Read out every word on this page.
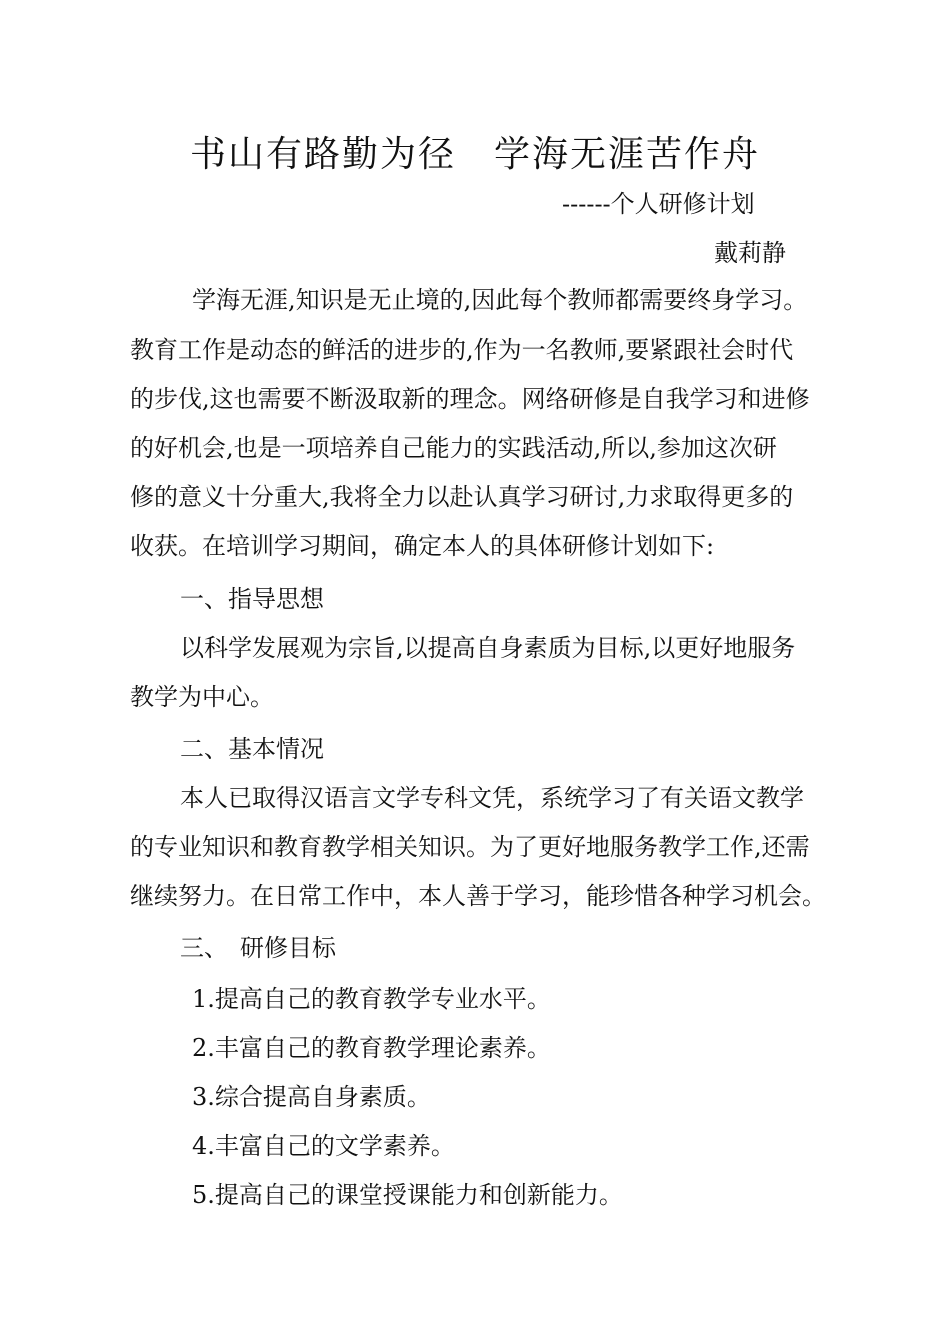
书山有路勤为径　学海无涯苦作舟
------个人研修计划
戴莉静
学海无涯,知识是无止境的,因此每个教师都需要终身学习。
教育工作是动态的鲜活的进步的,作为一名教师,要紧跟社会时代
的步伐,这也需要不断汲取新的理念。网络研修是自我学习和进修
的好机会,也是一项培养自己能力的实践活动,所以,参加这次研
修的意义十分重大,我将全力以赴认真学习研讨,力求取得更多的
收获。在培训学习期间，确定本人的具体研修计划如下:
一、指导思想
以科学发展观为宗旨,以提高自身素质为目标,以更好地服务
教学为中心。
二、基本情况
本人已取得汉语言文学专科文凭，系统学习了有关语文教学
的专业知识和教育教学相关知识。为了更好地服务教学工作,还需
继续努力。在日常工作中，本人善于学习，能珍惜各种学习机会。
三、　研修目标
1.提高自己的教育教学专业水平。
2.丰富自己的教育教学理论素养。
3.综合提高自身素质。
4.丰富自己的文学素养。
5.提高自己的课堂授课能力和创新能力。
